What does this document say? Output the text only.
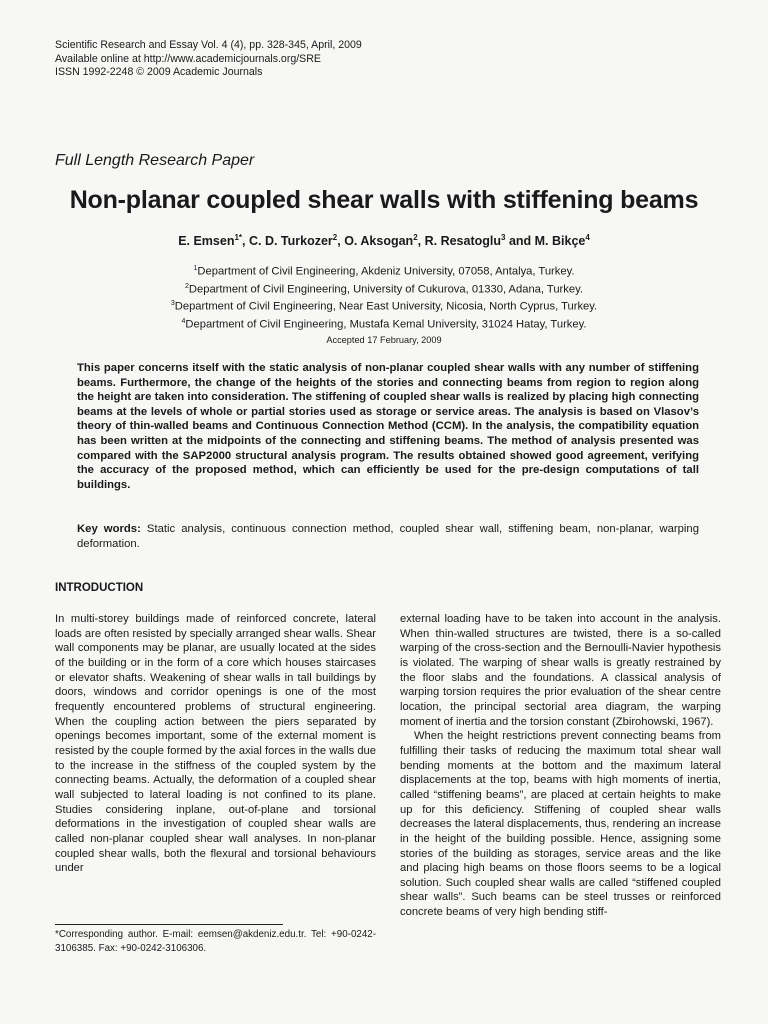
Scientific Research and Essay Vol. 4 (4), pp. 328-345, April, 2009
Available online at http://www.academicjournals.org/SRE
ISSN 1992-2248 © 2009 Academic Journals
Full Length Research Paper
Non-planar coupled shear walls with stiffening beams
E. Emsen$^{1*}$, C. D. Turkozer$^2$, O. Aksogan$^2$, R. Resatoglu$^3$ and M. Bikçe$^4$
$^1$Department of Civil Engineering, Akdeniz University, 07058, Antalya, Turkey.
$^2$Department of Civil Engineering, University of Cukurova, 01330, Adana, Turkey.
$^3$Department of Civil Engineering, Near East University, Nicosia, North Cyprus, Turkey.
$^4$Department of Civil Engineering, Mustafa Kemal University, 31024 Hatay, Turkey.
Accepted 17 February, 2009
This paper concerns itself with the static analysis of non-planar coupled shear walls with any number of stiffening beams. Furthermore, the change of the heights of the stories and connecting beams from region to region along the height are taken into consideration. The stiffening of coupled shear walls is realized by placing high connecting beams at the levels of whole or partial stories used as storage or service areas. The analysis is based on Vlasov’s theory of thin-walled beams and Continuous Connection Method (CCM). In the analysis, the compatibility equation has been written at the midpoints of the connecting and stiffening beams. The method of analysis presented was compared with the SAP2000 structural analysis program. The results obtained showed good agreement, verifying the accuracy of the proposed method, which can efficiently be used for the pre-design computations of tall buildings.
Key words: Static analysis, continuous connection method, coupled shear wall, stiffening beam, non-planar, warping deformation.
INTRODUCTION

In multi-storey buildings made of reinforced concrete, lateral loads are often resisted by specially arranged shear walls. Shear wall components may be planar, are usually located at the sides of the building or in the form of a core which houses staircases or elevator shafts. Weakening of shear walls in tall buildings by doors, windows and corridor openings is one of the most frequently encountered problems of structural engineering. When the coupling action between the piers separated by openings becomes important, some of the external moment is resisted by the couple formed by the axial forces in the walls due to the increase in the stiffness of the coupled system by the connecting beams. Actually, the deformation of a coupled shear wall subjected to lateral loading is not confined to its plane. Studies considering inplane, out-of-plane and torsional deformations in the investigation of coupled shear walls are called non-planar coupled shear wall analyses. In non-planar coupled shear walls, both the flexural and torsional behaviours under

external loading have to be taken into account in the analysis. When thin-walled structures are twisted, there is a so-called warping of the cross-section and the Bernoulli-Navier hypothesis is violated. The warping of shear walls is greatly restrained by the floor slabs and the foundations. A classical analysis of warping torsion requires the prior evaluation of the shear centre location, the principal sectorial area diagram, the warping moment of inertia and the torsion constant (Zbirohowski, 1967).

When the height restrictions prevent connecting beams from fulfilling their tasks of reducing the maximum total shear wall bending moments at the bottom and the maximum lateral displacements at the top, beams with high moments of inertia, called “stiffening beams”, are placed at certain heights to make up for this deficiency. Stiffening of coupled shear walls decreases the lateral displacements, thus, rendering an increase in the height of the building possible. Hence, assigning some stories of the building as storages, service areas and the like and placing high beams on those floors seems to be a logical solution. Such coupled shear walls are called “stiffened coupled shear walls”. Such beams can be steel trusses or reinforced concrete beams of very high bending stiff-

*Corresponding author. E-mail: eemsen@akdeniz.edu.tr. Tel: +90-0242-3106385. Fax: +90-0242-3106306.
